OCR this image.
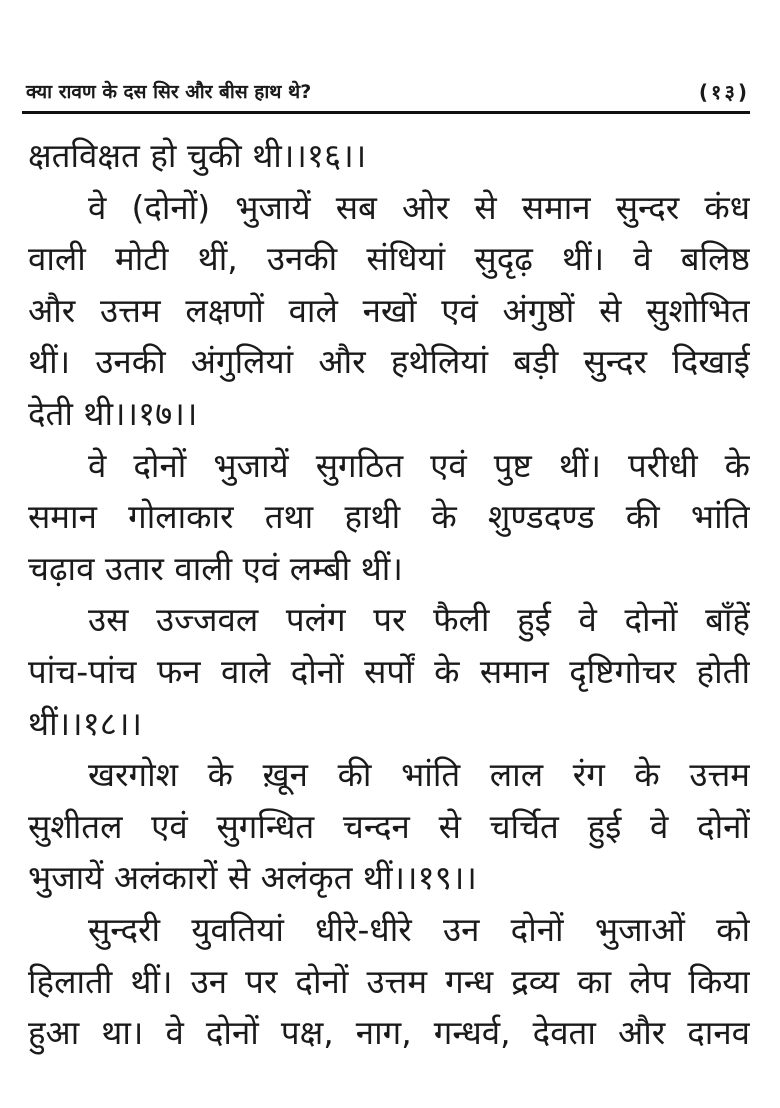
क्या रावण के दस सिर और बीस हाथ थे?	(१३)
क्षतविक्षत हो चुकी थी।।१६।।
वे (दोनों) भुजायें सब ओर से समान सुन्दर कंध
वाली मोटी थीं, उनकी संधियां सुदृढ़ थीं। वे बलिष्ठ
और उत्तम लक्षणों वाले नखों एवं अंगुष्ठों से सुशोभित
थीं। उनकी अंगुलियां और हथेलियां बड़ी सुन्दर दिखाई
देती थी।।१७।।
वे दोनों भुजायें सुगठित एवं पुष्ट थीं। परीधी के
समान गोलाकार तथा हाथी के शुण्डदण्ड की भांति
चढ़ाव उतार वाली एवं लम्बी थीं।
उस उज्जवल पलंग पर फैली हुई वे दोनों बाँहें
पांच-पांच फन वाले दोनों सर्पों के समान दृष्टिगोचर होती
थीं।।१८।।
खरगोश के ख़ून की भांति लाल रंग के उत्तम
सुशीतल एवं सुगन्धित चन्दन से चर्चित हुई वे दोनों
भुजायें अलंकारों से अलंकृत थीं।।१९।।
सुन्दरी युवतियां धीरे-धीरे उन दोनों भुजाओं को
हिलाती थीं। उन पर दोनों उत्तम गन्ध द्रव्य का लेप किया
हुआ था। वे दोनों पक्ष, नाग, गन्धर्व, देवता और दानव
